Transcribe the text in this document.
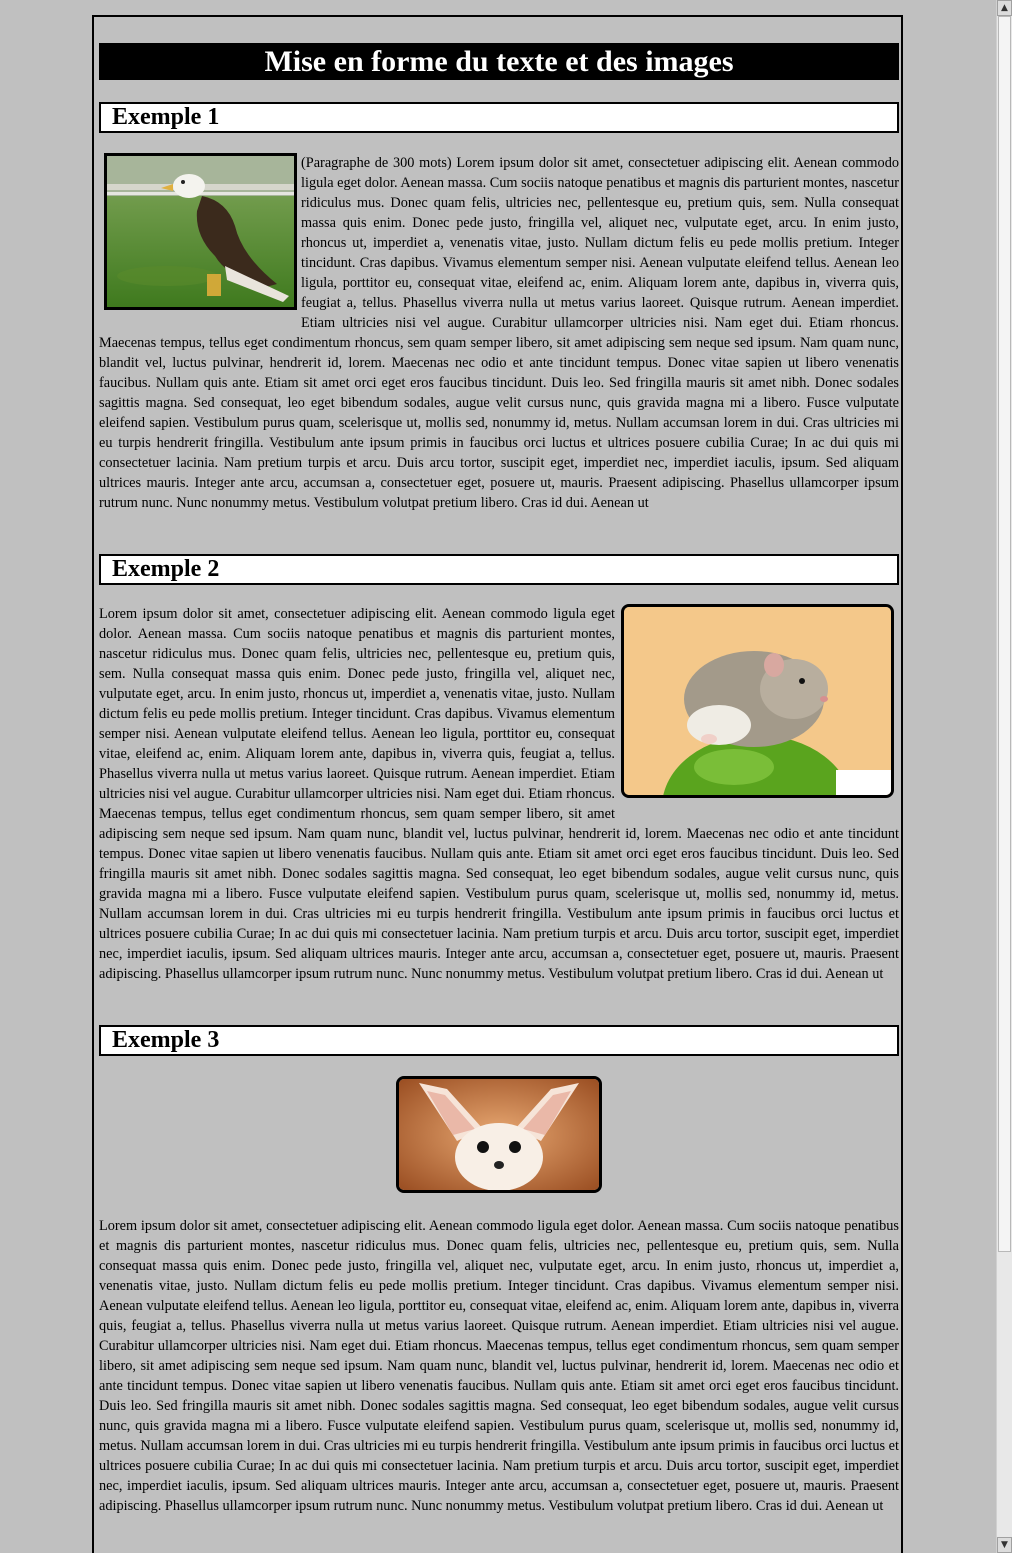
Mise en forme du texte et des images
Exemple 1

(Paragraphe de 300 mots) Lorem ipsum dolor sit amet, consectetuer adipiscing elit. Aenean commodo ligula eget dolor. Aenean massa. Cum sociis natoque penatibus et magnis dis parturient montes, nascetur ridiculus mus. Donec quam felis, ultricies nec, pellentesque eu, pretium quis, sem. Nulla consequat massa quis enim. Donec pede justo, fringilla vel, aliquet nec, vulputate eget, arcu. In enim justo, rhoncus ut, imperdiet a, venenatis vitae, justo. Nullam dictum felis eu pede mollis pretium. Integer tincidunt. Cras dapibus. Vivamus elementum semper nisi. Aenean vulputate eleifend tellus. Aenean leo ligula, porttitor eu, consequat vitae, eleifend ac, enim. Aliquam lorem ante, dapibus in, viverra quis, feugiat a, tellus. Phasellus viverra nulla ut metus varius laoreet. Quisque rutrum. Aenean imperdiet. Etiam ultricies nisi vel augue. Curabitur ullamcorper ultricies nisi. Nam eget dui. Etiam rhoncus. Maecenas tempus, tellus eget condimentum rhoncus, sem quam semper libero, sit amet adipiscing sem neque sed ipsum. Nam quam nunc, blandit vel, luctus pulvinar, hendrerit id, lorem. Maecenas nec odio et ante tincidunt tempus. Donec vitae sapien ut libero venenatis faucibus. Nullam quis ante. Etiam sit amet orci eget eros faucibus tincidunt. Duis leo. Sed fringilla mauris sit amet nibh. Donec sodales sagittis magna. Sed consequat, leo eget bibendum sodales, augue velit cursus nunc, quis gravida magna mi a libero. Fusce vulputate eleifend sapien. Vestibulum purus quam, scelerisque ut, mollis sed, nonummy id, metus. Nullam accumsan lorem in dui. Cras ultricies mi eu turpis hendrerit fringilla. Vestibulum ante ipsum primis in faucibus orci luctus et ultrices posuere cubilia Curae; In ac dui quis mi consectetuer lacinia. Nam pretium turpis et arcu. Duis arcu tortor, suscipit eget, imperdiet nec, imperdiet iaculis, ipsum. Sed aliquam ultrices mauris. Integer ante arcu, accumsan a, consectetuer eget, posuere ut, mauris. Praesent adipiscing. Phasellus ullamcorper ipsum rutrum nunc. Nunc nonummy metus. Vestibulum volutpat pretium libero. Cras id dui. Aenean ut

Exemple 2

Lorem ipsum dolor sit amet, consectetuer adipiscing elit. Aenean commodo ligula eget dolor. Aenean massa. Cum sociis natoque penatibus et magnis dis parturient montes, nascetur ridiculus mus. Donec quam felis, ultricies nec, pellentesque eu, pretium quis, sem. Nulla consequat massa quis enim. Donec pede justo, fringilla vel, aliquet nec, vulputate eget, arcu. In enim justo, rhoncus ut, imperdiet a, venenatis vitae, justo. Nullam dictum felis eu pede mollis pretium. Integer tincidunt. Cras dapibus. Vivamus elementum semper nisi. Aenean vulputate eleifend tellus. Aenean leo ligula, porttitor eu, consequat vitae, eleifend ac, enim. Aliquam lorem ante, dapibus in, viverra quis, feugiat a, tellus. Phasellus viverra nulla ut metus varius laoreet. Quisque rutrum. Aenean imperdiet. Etiam ultricies nisi vel augue. Curabitur ullamcorper ultricies nisi. Nam eget dui. Etiam rhoncus. Maecenas tempus, tellus eget condimentum rhoncus, sem quam semper libero, sit amet adipiscing sem neque sed ipsum. Nam quam nunc, blandit vel, luctus pulvinar, hendrerit id, lorem. Maecenas nec odio et ante tincidunt tempus. Donec vitae sapien ut libero venenatis faucibus. Nullam quis ante. Etiam sit amet orci eget eros faucibus tincidunt. Duis leo. Sed fringilla mauris sit amet nibh. Donec sodales sagittis magna. Sed consequat, leo eget bibendum sodales, augue velit cursus nunc, quis gravida magna mi a libero. Fusce vulputate eleifend sapien. Vestibulum purus quam, scelerisque ut, mollis sed, nonummy id, metus. Nullam accumsan lorem in dui. Cras ultricies mi eu turpis hendrerit fringilla. Vestibulum ante ipsum primis in faucibus orci luctus et ultrices posuere cubilia Curae; In ac dui quis mi consectetuer lacinia. Nam pretium turpis et arcu. Duis arcu tortor, suscipit eget, imperdiet nec, imperdiet iaculis, ipsum. Sed aliquam ultrices mauris. Integer ante arcu, accumsan a, consectetuer eget, posuere ut, mauris. Praesent adipiscing. Phasellus ullamcorper ipsum rutrum nunc. Nunc nonummy metus. Vestibulum volutpat pretium libero. Cras id dui. Aenean ut

Exemple 3

Lorem ipsum dolor sit amet, consectetuer adipiscing elit. Aenean commodo ligula eget dolor. Aenean massa. Cum sociis natoque penatibus et magnis dis parturient montes, nascetur ridiculus mus. Donec quam felis, ultricies nec, pellentesque eu, pretium quis, sem. Nulla consequat massa quis enim. Donec pede justo, fringilla vel, aliquet nec, vulputate eget, arcu. In enim justo, rhoncus ut, imperdiet a, venenatis vitae, justo. Nullam dictum felis eu pede mollis pretium. Integer tincidunt. Cras dapibus. Vivamus elementum semper nisi. Aenean vulputate eleifend tellus. Aenean leo ligula, porttitor eu, consequat vitae, eleifend ac, enim. Aliquam lorem ante, dapibus in, viverra quis, feugiat a, tellus. Phasellus viverra nulla ut metus varius laoreet. Quisque rutrum. Aenean imperdiet. Etiam ultricies nisi vel augue. Curabitur ullamcorper ultricies nisi. Nam eget dui. Etiam rhoncus. Maecenas tempus, tellus eget condimentum rhoncus, sem quam semper libero, sit amet adipiscing sem neque sed ipsum. Nam quam nunc, blandit vel, luctus pulvinar, hendrerit id, lorem. Maecenas nec odio et ante tincidunt tempus. Donec vitae sapien ut libero venenatis faucibus. Nullam quis ante. Etiam sit amet orci eget eros faucibus tincidunt. Duis leo. Sed fringilla mauris sit amet nibh. Donec sodales sagittis magna. Sed consequat, leo eget bibendum sodales, augue velit cursus nunc, quis gravida magna mi a libero. Fusce vulputate eleifend sapien. Vestibulum purus quam, scelerisque ut, mollis sed, nonummy id, metus. Nullam accumsan lorem in dui. Cras ultricies mi eu turpis hendrerit fringilla. Vestibulum ante ipsum primis in faucibus orci luctus et ultrices posuere cubilia Curae; In ac dui quis mi consectetuer lacinia. Nam pretium turpis et arcu. Duis arcu tortor, suscipit eget, imperdiet nec, imperdiet iaculis, ipsum. Sed aliquam ultrices mauris. Integer ante arcu, accumsan a, consectetuer eget, posuere ut, mauris. Praesent adipiscing. Phasellus ullamcorper ipsum rutrum nunc. Nunc nonummy metus. Vestibulum volutpat pretium libero. Cras id dui. Aenean ut

▲
▼
